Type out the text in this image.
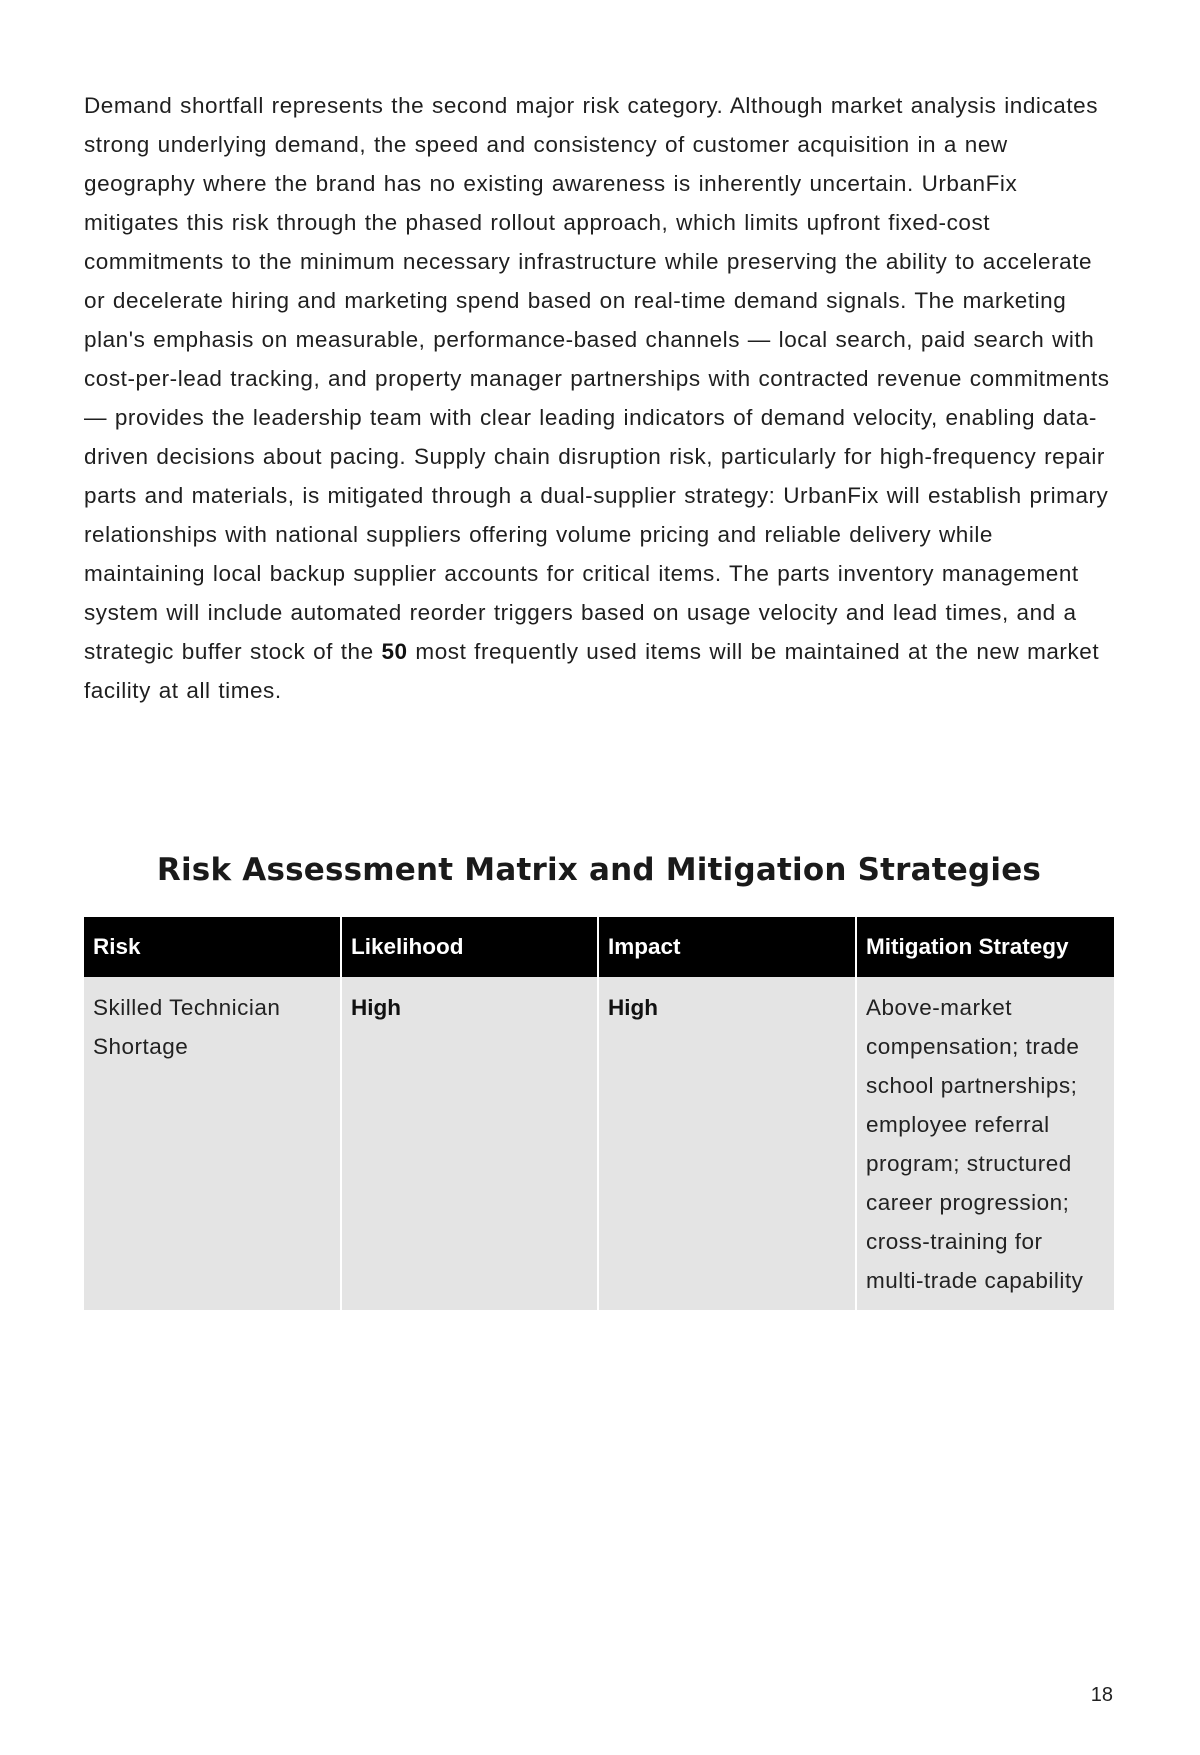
Demand shortfall represents the second major risk category. Although market analysis indicates strong underlying demand, the speed and consistency of customer acquisition in a new geography where the brand has no existing awareness is inherently uncertain. UrbanFix mitigates this risk through the phased rollout approach, which limits upfront fixed-cost commitments to the minimum necessary infrastructure while preserving the ability to accelerate or decelerate hiring and marketing spend based on real-time demand signals. The marketing plan's emphasis on measurable, performance-based channels — local search, paid search with cost-per-lead tracking, and property manager partnerships with contracted revenue commitments — provides the leadership team with clear leading indicators of demand velocity, enabling data-driven decisions about pacing. Supply chain disruption risk, particularly for high-frequency repair parts and materials, is mitigated through a dual-supplier strategy: UrbanFix will establish primary relationships with national suppliers offering volume pricing and reliable delivery while maintaining local backup supplier accounts for critical items. The parts inventory management system will include automated reorder triggers based on usage velocity and lead times, and a strategic buffer stock of the 50 most frequently used items will be maintained at the new market facility at all times.

Risk Assessment Matrix and Mitigation Strategies
Risk	Likelihood	Impact	Mitigation Strategy
Skilled Technician Shortage	High	High	Above-market compensation; trade school partnerships; employee referral program; structured career progression; cross-training for multi-trade capability
18
